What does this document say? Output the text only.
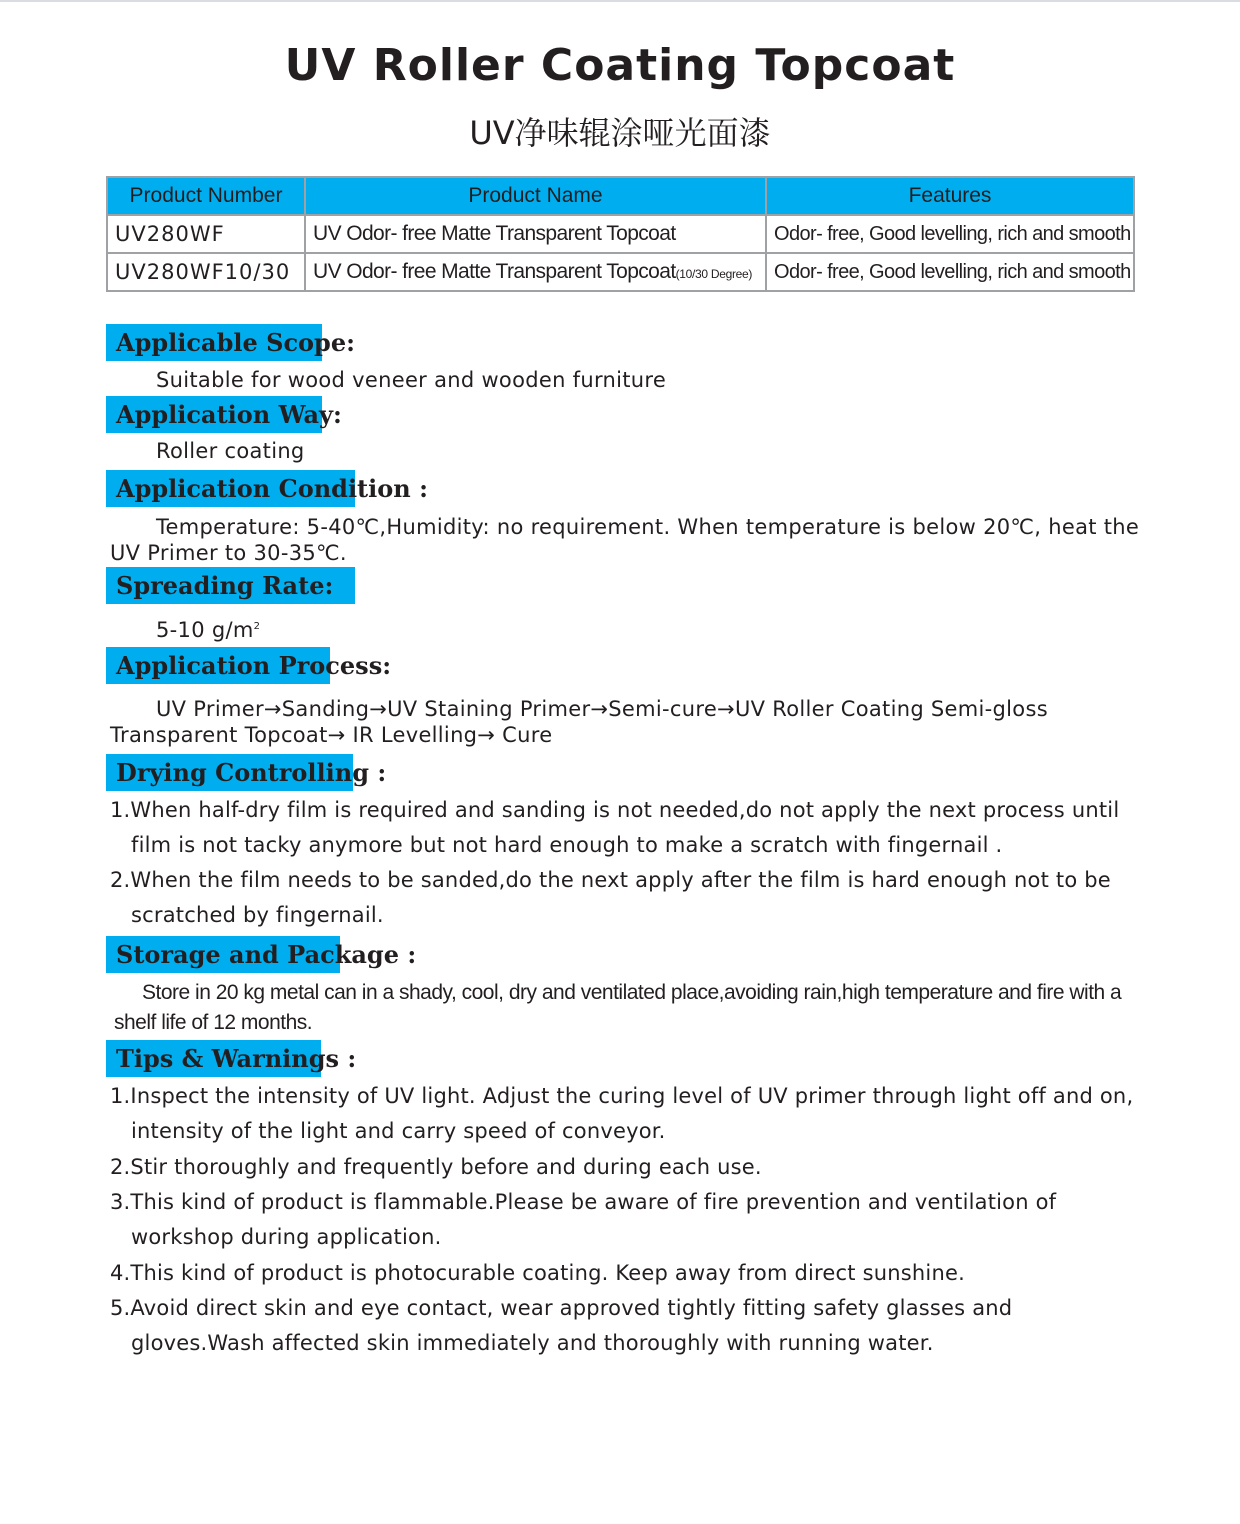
UV Roller Coating Topcoat
UV净味辊涂哑光面漆
Product Number	Product Name	Features
UV280WF	UV Odor- free Matte Transparent Topcoat	Odor- free, Good levelling, rich and smooth
UV280WF10/30	UV Odor- free Matte Transparent Topcoat(10/30 Degree)	Odor- free, Good levelling, rich and smooth
Applicable Scope:
Suitable for wood veneer and wooden furniture
Application Way:
Roller coating
Application Condition :
Temperature: 5-40℃,Humidity: no requirement. When temperature is below 20℃, heat the UV Primer to 30-35℃.
Spreading Rate:
5-10 $g/m^2$
Application Process:
UV Primer→Sanding→UV Staining Primer→Semi-cure→UV Roller Coating Semi-gloss Transparent Topcoat→ IR Levelling→ Cure
Drying Controlling :
1.When half-dry film is required and sanding is not needed,do not apply the next process until film is not tacky anymore but not hard enough to make a scratch with fingernail .
2.When the film needs to be sanded,do the next apply after the film is hard enough not to be scratched by fingernail.
Storage and Package :
Store in 20 kg metal can in a shady, cool, dry and ventilated place,avoiding rain,high temperature and fire with a shelf life of 12 months.
Tips & Warnings :
1.Inspect the intensity of UV light. Adjust the curing level of UV primer through light off and on, intensity of the light and carry speed of conveyor.
2.Stir thoroughly and frequently before and during each use.
3.This kind of product is flammable.Please be aware of fire prevention and ventilation of workshop during application.
4.This kind of product is photocurable coating. Keep away from direct sunshine.
5.Avoid direct skin and eye contact, wear approved tightly fitting safety glasses and gloves.Wash affected skin immediately and thoroughly with running water.
